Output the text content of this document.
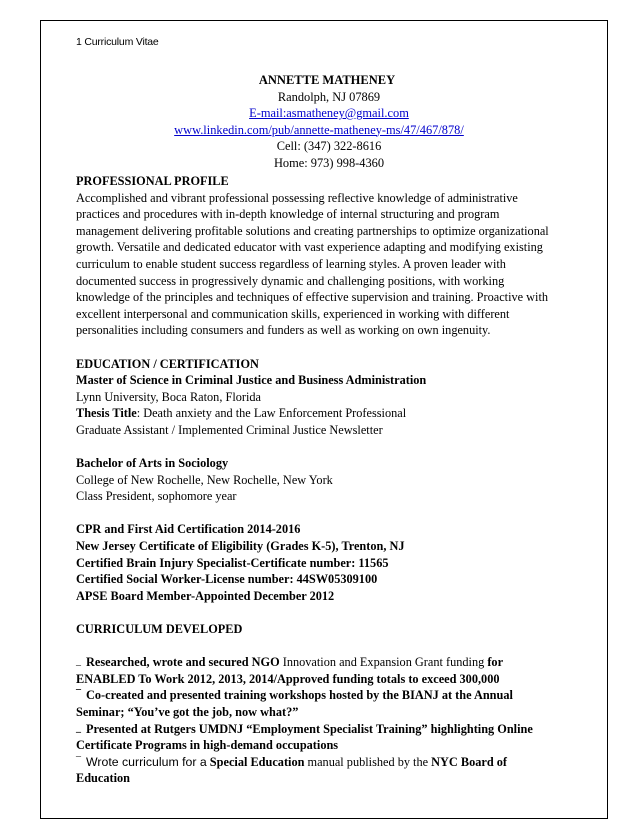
1 Curriculum Vitae
ANNETTE MATHENEY
Randolph, NJ 07869
E-mail:asmatheney@gmail.com
www.linkedin.com/pub/annette-matheney-ms/47/467/878/
Cell: (347) 322-8616
Home: 973) 998-4360
PROFESSIONAL PROFILE
Accomplished and vibrant professional possessing reflective knowledge of administrative
practices and procedures with in-depth knowledge of internal structuring and program
management delivering profitable solutions and creating partnerships to optimize organizational
growth. Versatile and dedicated educator with vast experience adapting and modifying existing
curriculum to enable student success regardless of learning styles. A proven leader with
documented success in progressively dynamic and challenging positions, with working
knowledge of the principles and techniques of effective supervision and training. Proactive with
excellent interpersonal and communication skills, experienced in working with different
personalities including consumers and funders as well as working on own ingenuity.
EDUCATION / CERTIFICATION
Master of Science in Criminal Justice and Business Administration
Lynn University, Boca Raton, Florida
Thesis Title: Death anxiety and the Law Enforcement Professional
Graduate Assistant / Implemented Criminal Justice Newsletter
Bachelor of Arts in Sociology
College of New Rochelle, New Rochelle, New York
Class President, sophomore year
CPR and First Aid Certification 2014-2016
New Jersey Certificate of Eligibility (Grades K-5), Trenton, NJ
Certified Brain Injury Specialist-Certificate number: 11565
Certified Social Worker-License number: 44SW05309100
APSE Board Member-Appointed December 2012
CURRICULUM DEVELOPED
_ Researched, wrote and secured NGO Innovation and Expansion Grant funding for
ENABLED To Work 2012, 2013, 2014/Approved funding totals to exceed 300,000
¯ Co-created and presented training workshops hosted by the BIANJ at the Annual
Seminar; “You’ve got the job, now what?”
_ Presented at Rutgers UMDNJ “Employment Specialist Training” highlighting Online
Certificate Programs in high-demand occupations
¯ Wrote curriculum for a Special Education manual published by the NYC Board of
Education
